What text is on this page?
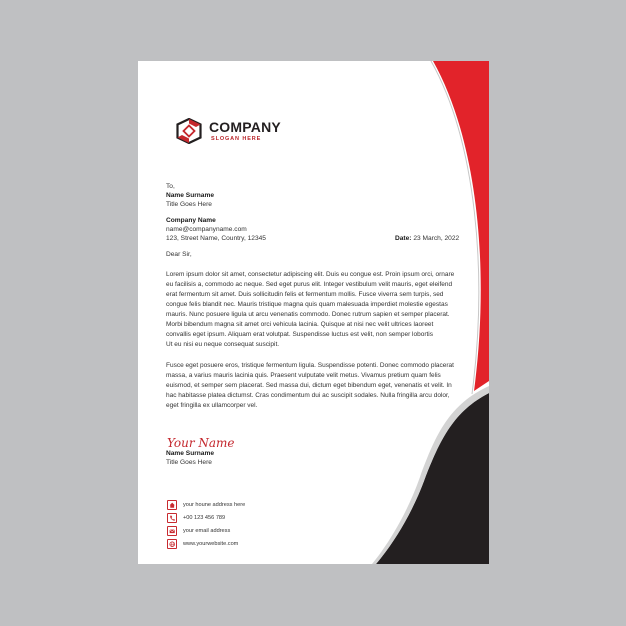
COMPANY
SLOGAN HERE
To,
Name Surname
Title Goes Here
Company Name
name@companyname.com
123, Street Name, Country, 12345	Date: 23 March, 2022
Dear Sir,
Lorem ipsum dolor sit amet, consectetur adipiscing elit. Duis eu congue est. Proin ipsum orci, ornare
eu facilisis a, commodo ac neque. Sed eget purus elit. Integer vestibulum velit mauris, eget eleifend
erat fermentum sit amet. Duis sollicitudin felis et fermentum mollis. Fusce viverra sem turpis, sed
congue felis blandit nec. Mauris tristique magna quis quam malesuada imperdiet molestie egestas
mauris. Nunc posuere ligula ut arcu venenatis commodo. Donec rutrum sapien et semper placerat.
Morbi bibendum magna sit amet orci vehicula lacinia. Quisque at nisi nec velit ultrices laoreet
convallis eget ipsum. Aliquam erat volutpat. Suspendisse luctus est velit, non semper lobortis
Ut eu nisi eu neque consequat suscipit.
Fusce eget posuere eros, tristique fermentum ligula. Suspendisse potenti. Donec commodo placerat
massa, a varius mauris lacinia quis. Praesent vulputate velit metus. Vivamus pretium quam felis
euismod, et semper sem placerat. Sed massa dui, dictum eget bibendum eget, venenatis et velit. In
hac habitasse platea dictumst. Cras condimentum dui ac suscipit sodales. Nulla fringilla arcu dolor,
eget fringilla ex ullamcorper vel.
Your Name
Name Surname
Title Goes Here
your houne address here
+00 123 456 789
your email address
www.yourwebsite.com
